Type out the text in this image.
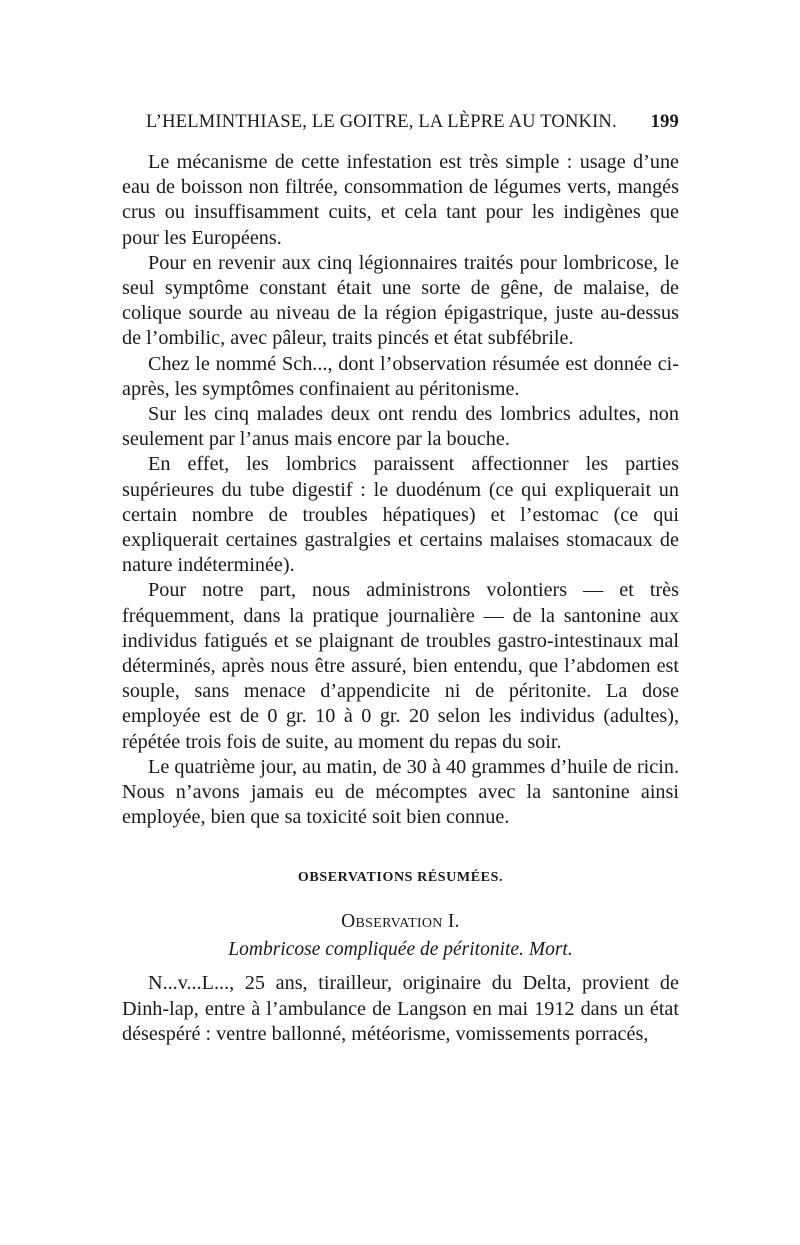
L’HELMINTHIASE, LE GOITRE, LA LÈPRE AU TONKIN. 199

Le mécanisme de cette infestation est très simple : usage d’une eau de boisson non filtrée, consommation de légumes verts, mangés crus ou insuffisamment cuits, et cela tant pour les indigènes que pour les Européens.

Pour en revenir aux cinq légionnaires traités pour lombricose, le seul symptôme constant était une sorte de gêne, de malaise, de colique sourde au niveau de la région épigastrique, juste au-dessus de l’ombilic, avec pâleur, traits pincés et état subfébrile.

Chez le nommé Sch..., dont l’observation résumée est donnée ci-après, les symptômes confinaient au péritonisme.

Sur les cinq malades deux ont rendu des lombrics adultes, non seulement par l’anus mais encore par la bouche.

En effet, les lombrics paraissent affectionner les parties supérieures du tube digestif : le duodénum (ce qui expliquerait un certain nombre de troubles hépatiques) et l’estomac (ce qui expliquerait certaines gastralgies et certains malaises stomacaux de nature indéterminée).

Pour notre part, nous administrons volontiers — et très fréquemment, dans la pratique journalière — de la santonine aux individus fatigués et se plaignant de troubles gastro-intestinaux mal déterminés, après nous être assuré, bien entendu, que l’abdomen est souple, sans menace d’appendicite ni de péritonite. La dose employée est de 0 gr. 10 à 0 gr. 20 selon les individus (adultes), répétée trois fois de suite, au moment du repas du soir.

Le quatrième jour, au matin, de 30 à 40 grammes d’huile de ricin. Nous n’avons jamais eu de mécomptes avec la santonine ainsi employée, bien que sa toxicité soit bien connue.

OBSERVATIONS RÉSUMÉES.
Observation I.
Lombricose compliquée de péritonite. Mort.

N...v...L..., 25 ans, tirailleur, originaire du Delta, provient de Dinh-lap, entre à l’ambulance de Langson en mai 1912 dans un état désespéré : ventre ballonné, météorisme, vomissements porracés,
